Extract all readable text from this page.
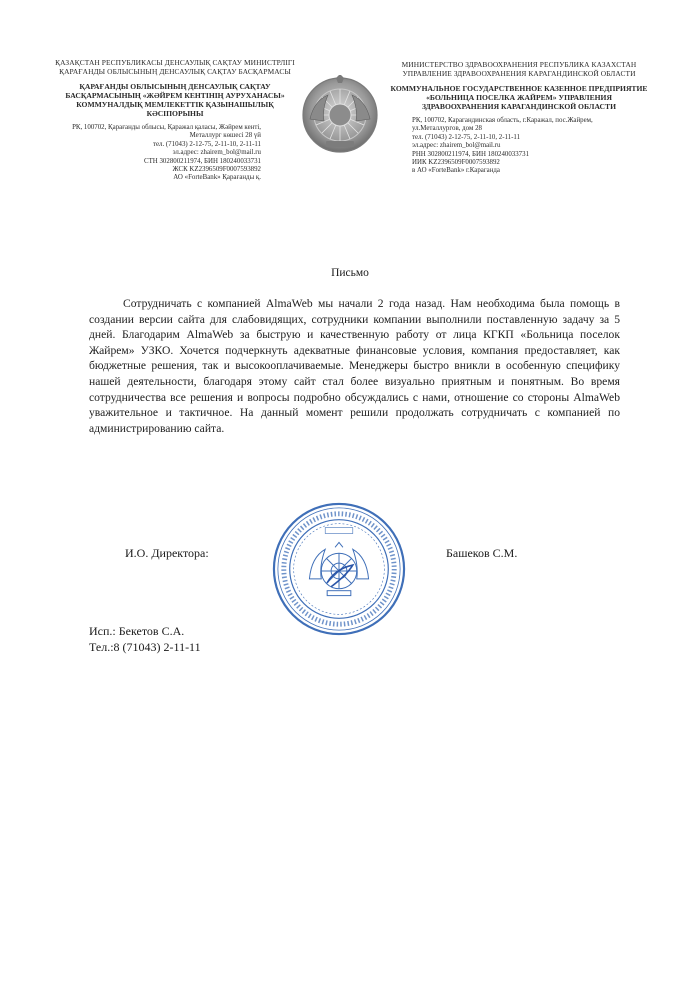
ҚАЗАҚСТАН РЕСПУБЛИКАСЫ ДЕНСАУЛЫҚ САҚТАУ МИНИСТРЛІГІ ҚАРАҒАНДЫ ОБЛЫСЫНЫҢ ДЕНСАУЛЫҚ САҚТАУ БАСҚАРМАСЫ
ҚАРАҒАНДЫ ОБЛЫСЫНЫҢ ДЕНСАУЛЫҚ САҚТАУ БАСҚАРМАСЫНЫҢ «ЖӘЙРЕМ КЕНТІНІҢ АУРУХАНАСЫ» КОММУНАЛДЫҚ МЕМЛЕКЕТТІК ҚАЗЫНАШЫЛЫҚ КӘСІПОРЫНЫ
РК, 100702, Қарағанды облысы, Қаражал қаласы, Жәйрем кенті,
Металлург көшесі 28 үй
тел. (71043) 2-12-75, 2-11-10, 2-11-11
эл.адрес: zhairem_bol@mail.ru
СТН 302800211974, БИН 180240033731
ЖСК KZ2396509F0007593892
АО «ForteBank» Қарағанды қ.
МИНИСТЕРСТВО ЗДРАВООХРАНЕНИЯ РЕСПУБЛИКА КАЗАХСТАН УПРАВЛЕНИЕ ЗДРАВООХРАНЕНИЯ КАРАГАНДИНСКОЙ ОБЛАСТИ
КОММУНАЛЬНОЕ ГОСУДАРСТВЕННОЕ КАЗЕННОЕ ПРЕДПРИЯТИЕ «БОЛЬНИЦА ПОСЕЛКА ЖАЙРЕМ» УПРАВЛЕНИЯ ЗДРАВООХРАНЕНИЯ КАРАГАНДИНСКОЙ ОБЛАСТИ
РК, 100702, Карагандинская область, г.Каражал, пос.Жайрем,
ул.Металлургов, дом 28
тел. (71043) 2-12-75, 2-11-10, 2-11-11
эл.адрес: zhairem_bol@mail.ru
РНН 302800211974, БИН 180240033731
ИИК KZ2396509F0007593892
в АО «ForteBank» г.Караганда
Письмо
Сотрудничать с компанией AlmaWeb мы начали 2 года назад. Нам необходима была помощь в создании версии сайта для слабовидящих, сотрудники компании выполнили поставленную задачу за 5 дней. Благодарим AlmaWeb за быструю и качественную работу от лица КГКП «Больница поселок Жайрем» УЗКО. Хочется подчеркнуть адекватные финансовые условия, компания предоставляет, как бюджетные решения, так и высокооплачиваемые. Менеджеры быстро вникли в особенную специфику нашей деятельности, благодаря этому сайт стал более визуально приятным и понятным. Во время сотрудничества все решения и вопросы подробно обсуждались с нами, отношение со стороны AlmaWeb уважительное и тактичное. На данный момент решили продолжать сотрудничать с компанией по администрированию сайта.
И.О. Директора:	Башеков С.М.
Исп.: Бекетов С.А.
Тел.:8 (71043) 2-11-11
